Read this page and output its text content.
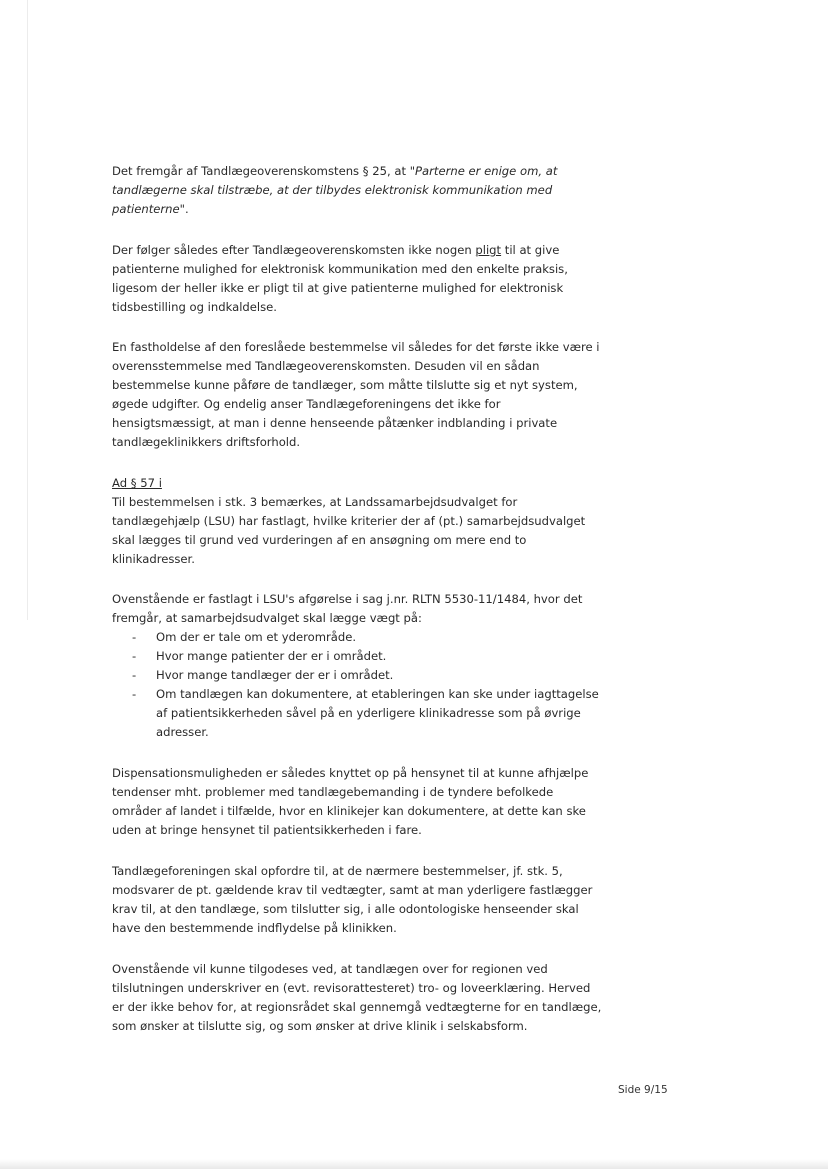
Det fremgår af Tandlægeoverenskomstens § 25, at "Parterne er enige om, at tandlægerne skal tilstræbe, at der tilbydes elektronisk kommunikation med patienterne".

Der følger således efter Tandlægeoverenskomsten ikke nogen pligt til at give patienterne mulighed for elektronisk kommunikation med den enkelte praksis, ligesom der heller ikke er pligt til at give patienterne mulighed for elektronisk tidsbestilling og indkaldelse.

En fastholdelse af den foreslåede bestemmelse vil således for det første ikke være i overensstemmelse med Tandlægeoverenskomsten. Desuden vil en sådan bestemmelse kunne påføre de tandlæger, som måtte tilslutte sig et nyt system, øgede udgifter. Og endelig anser Tandlægeforeningens det ikke for hensigtsmæssigt, at man i denne henseende påtænker indblanding i private tandlægeklinikkers driftsforhold.

Ad § 57 i

Til bestemmelsen i stk. 3 bemærkes, at Landssamarbejdsudvalget for tandlægehjælp (LSU) har fastlagt, hvilke kriterier der af (pt.) samarbejdsudvalget skal lægges til grund ved vurderingen af en ansøgning om mere end to klinikadresser.

Ovenstående er fastlagt i LSU's afgørelse i sag j.nr. RLTN 5530-11/1484, hvor det fremgår, at samarbejdsudvalget skal lægge vægt på:

- Om der er tale om et yderområde.
- Hvor mange patienter der er i området.
- Hvor mange tandlæger der er i området.
- Om tandlægen kan dokumentere, at etableringen kan ske under iagttagelse af patientsikkerheden såvel på en yderligere klinikadresse som på øvrige adresser.

Dispensationsmuligheden er således knyttet op på hensynet til at kunne afhjælpe tendenser mht. problemer med tandlægebemanding i de tyndere befolkede områder af landet i tilfælde, hvor en klinikejer kan dokumentere, at dette kan ske uden at bringe hensynet til patientsikkerheden i fare.

Tandlægeforeningen skal opfordre til, at de nærmere bestemmelser, jf. stk. 5, modsvarer de pt. gældende krav til vedtægter, samt at man yderligere fastlægger krav til, at den tandlæge, som tilslutter sig, i alle odontologiske henseender skal have den bestemmende indflydelse på klinikken.

Ovenstående vil kunne tilgodeses ved, at tandlægen over for regionen ved tilslutningen underskriver en (evt. revisorattesteret) tro- og loveerklæring. Herved er der ikke behov for, at regionsrådet skal gennemgå vedtægterne for en tandlæge, som ønsker at tilslutte sig, og som ønsker at drive klinik i selskabsform.

Side 9/15
